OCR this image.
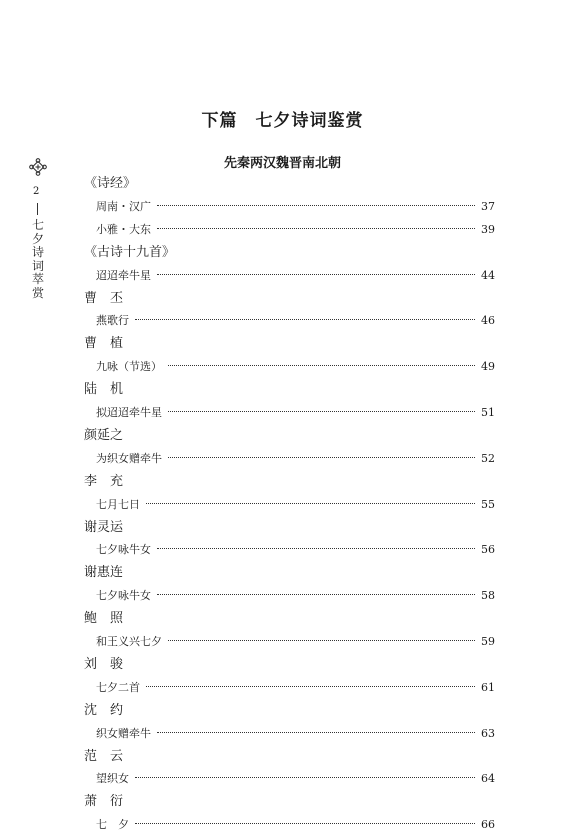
下篇　七夕诗词鉴赏
先秦两汉魏晋南北朝
2
七夕诗词萃赏
《诗经》
周南・汉广	37
小雅・大东	39
《古诗十九首》
迢迢牵牛星	44
曹　丕
燕歌行	46
曹　植
九咏（节选）	49
陆　机
拟迢迢牵牛星	51
颜延之
为织女赠牵牛	52
李　充
七月七日	55
谢灵运
七夕咏牛女	56
谢惠连
七夕咏牛女	58
鲍　照
和王义兴七夕	59
刘　骏
七夕二首	61
沈　约
织女赠牵牛	63
范　云
望织女	64
萧　衍
七　夕	66
